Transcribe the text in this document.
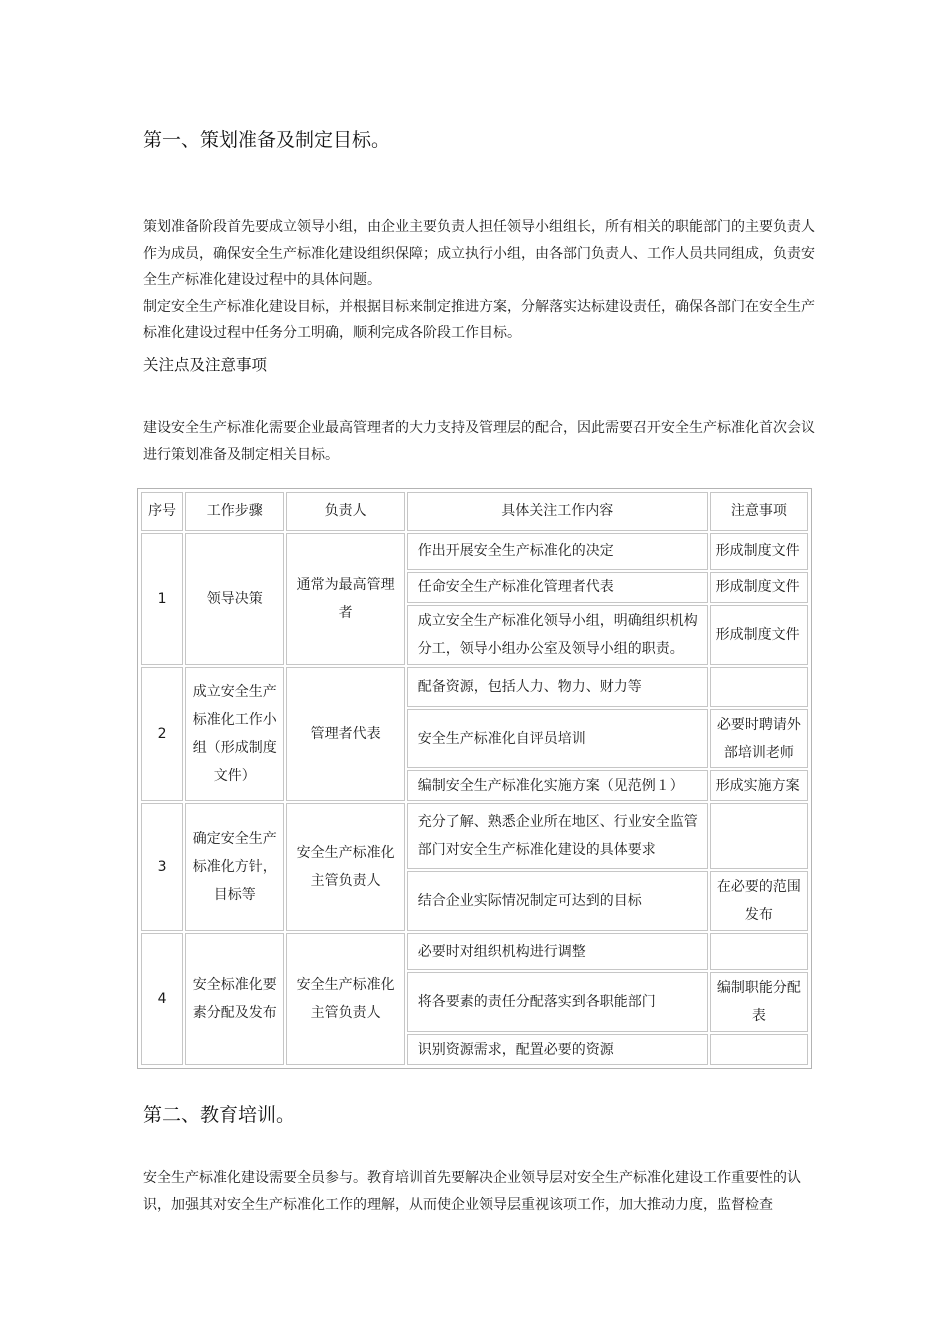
第一、策划准备及制定目标。

策划准备阶段首先要成立领导小组，由企业主要负责人担任领导小组组长，所有相关的职能部门的主要负责人作为成员，确保安全生产标准化建设组织保障；成立执行小组，由各部门负责人、工作人员共同组成，负责安全生产标准化建设过程中的具体问题。

制定安全生产标准化建设目标，并根据目标来制定推进方案，分解落实达标建设责任，确保各部门在安全生产标准化建设过程中任务分工明确，顺利完成各阶段工作目标。

关注点及注意事项
建设安全生产标准化需要企业最高管理者的大力支持及管理层的配合，因此需要召开安全生产标准化首次会议进行策划准备及制定相关目标。
序号	工作步骤	负责人	具体关注工作内容	注意事项
1	领导决策	通常为最高管理者	作出开展安全生产标准化的决定	形成制度文件
			任命安全生产标准化管理者代表	形成制度文件
			成立安全生产标准化领导小组，明确组织机构分工，领导小组办公室及领导小组的职责。	形成制度文件
2	成立安全生产标准化工作小组（形成制度文件）	管理者代表	配备资源，包括人力、物力、财力等	
			安全生产标准化自评员培训	必要时聘请外部培训老师
			编制安全生产标准化实施方案（见范例１）	形成实施方案
3	确定安全生产标准化方针，目标等	安全生产标准化主管负责人	充分了解、熟悉企业所在地区、行业安全监管部门对安全生产标准化建设的具体要求	
			结合企业实际情况制定可达到的目标	在必要的范围发布
4	安全标准化要素分配及发布	安全生产标准化主管负责人	必要时对组织机构进行调整	
			将各要素的责任分配落实到各职能部门	编制职能分配表
			识别资源需求，配置必要的资源	
第二、教育培训。
安全生产标准化建设需要全员参与。教育培训首先要解决企业领导层对安全生产标准化建设工作重要性的认识，加强其对安全生产标准化工作的理解，从而使企业领导层重视该项工作，加大推动力度，监督检查
